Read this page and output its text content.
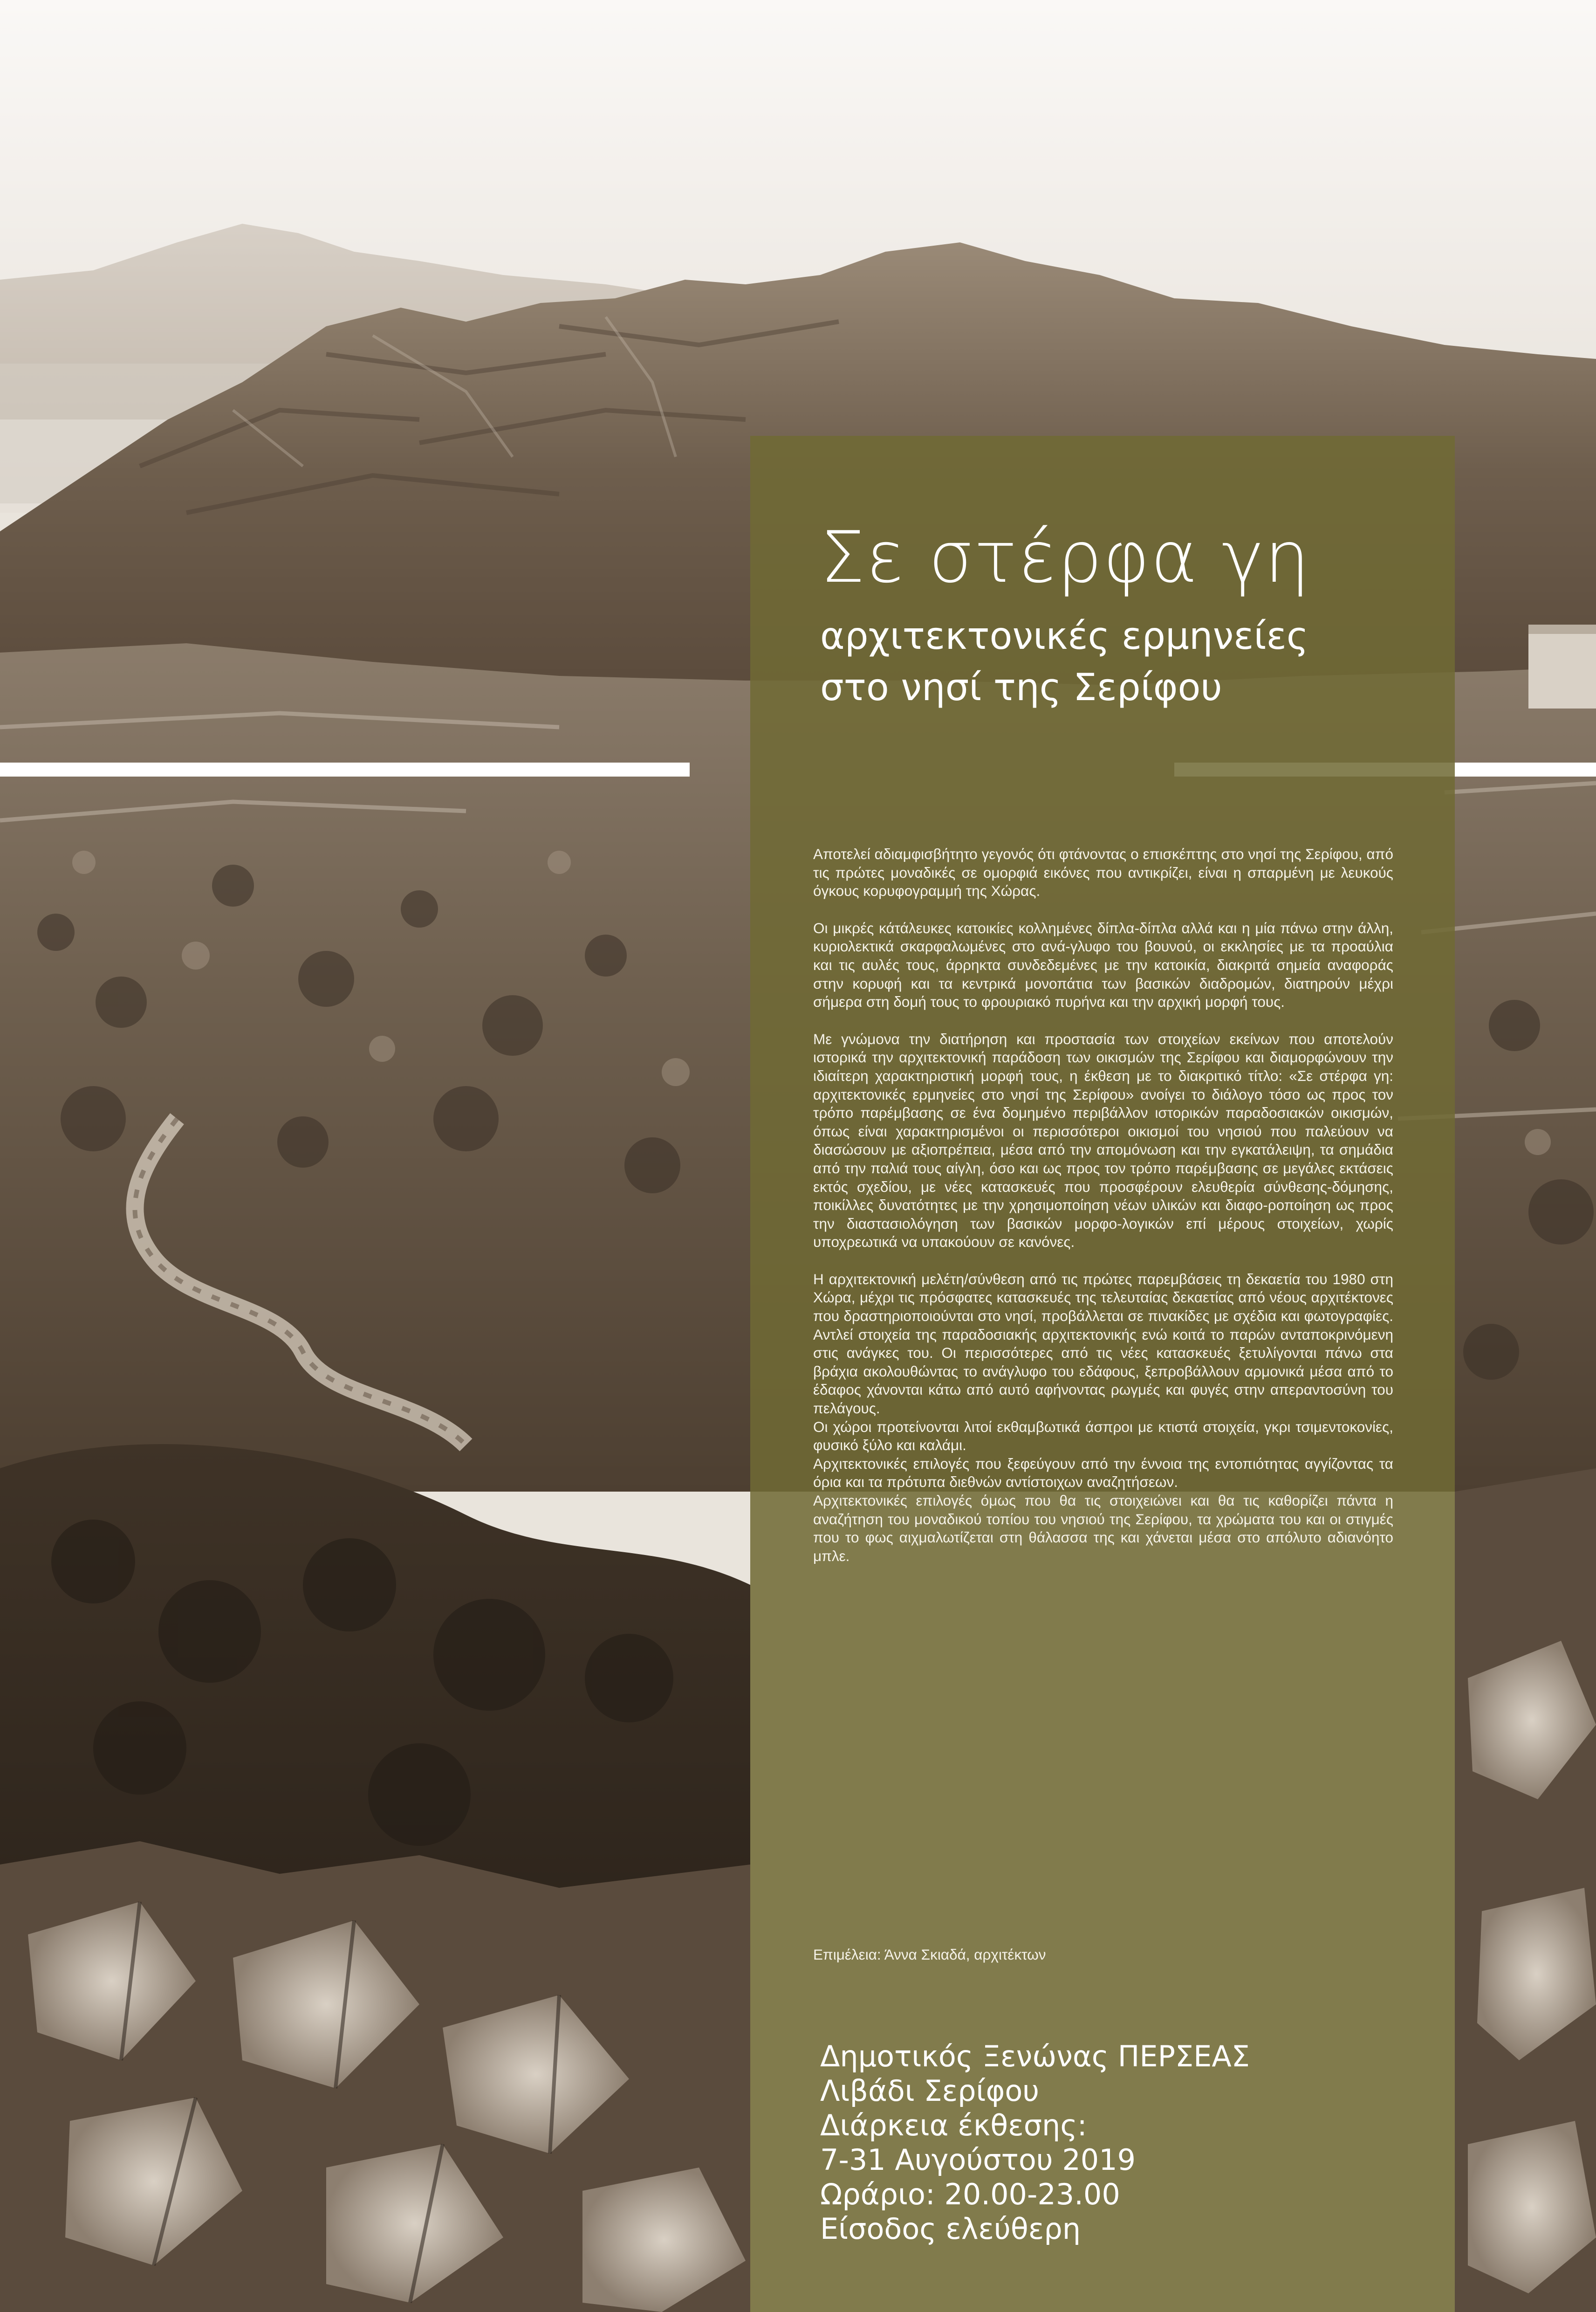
Σε στέρφα γη
αρχιτεκτονικές ερμηνείες
στο νησί της Σερίφου

Αποτελεί αδιαμφισβήτητο γεγονός ότι φτάνοντας ο επισκέπτης στο νησί της Σερίφου, από τις πρώτες μοναδικές σε ομορφιά εικόνες που αντικρίζει, είναι η σπαρμένη με λευκούς όγκους κορυφογραμμή της Χώρας.

Οι μικρές κάτάλευκες κατοικίες κολλημένες δίπλα-δίπλα αλλά και η μία πάνω στην άλλη, κυριολεκτικά σκαρφαλωμένες στο ανά-γλυφο του βουνού, οι εκκλησίες με τα προαύλια και τις αυλές τους, άρρηκτα συνδεδεμένες με την κατοικία, διακριτά σημεία αναφοράς στην κορυφή και τα κεντρικά μονοπάτια των βασικών διαδρομών, διατηρούν μέχρι σήμερα στη δομή τους το φρουριακό πυρήνα και την αρχική μορφή τους.

Με γνώμονα την διατήρηση και προστασία των στοιχείων εκείνων που αποτελούν ιστορικά την αρχιτεκτονική παράδοση των οικισμών της Σερίφου και διαμορφώνουν την ιδιαίτερη χαρακτηριστική μορφή τους, η έκθεση με το διακριτικό τίτλο: «Σε στέρφα γη: αρχιτεκτονικές ερμηνείες στο νησί της Σερίφου» ανοίγει το διάλογο τόσο ως προς τον τρόπο παρέμβασης σε ένα δομημένο περιβάλλον ιστορικών παραδοσιακών οικισμών, όπως είναι χαρακτηρισμένοι οι περισσότεροι οικισμοί του νησιού που παλεύουν να διασώσουν με αξιοπρέπεια, μέσα από την απομόνωση και την εγκατάλειψη, τα σημάδια από την παλιά τους αίγλη, όσο και ως προς τον τρόπο παρέμβασης σε μεγάλες εκτάσεις εκτός σχεδίου, με νέες κατασκευές που προσφέρουν ελευθερία σύνθεσης-δόμησης, ποικίλλες δυνατότητες με την χρησιμοποίηση νέων υλικών και διαφο-ροποίηση ως προς την διαστασιολόγηση των βασικών μορφο-λογικών επί μέρους στοιχείων, χωρίς υποχρεωτικά να υπακούουν σε κανόνες.

Η αρχιτεκτονική μελέτη/σύνθεση από τις πρώτες παρεμβάσεις τη δεκαετία του 1980 στη Χώρα, μέχρι τις πρόσφατες κατασκευές της τελευταίας δεκαετίας από νέους αρχιτέκτονες που δραστηριοποιούνται στο νησί, προβάλλεται σε πινακίδες με σχέδια και φωτογραφίες. Αντλεί στοιχεία της παραδοσιακής αρχιτεκτονικής ενώ κοιτά το παρών ανταποκρινόμενη στις ανάγκες του. Οι περισσότερες από τις νέες κατασκευές ξετυλίγονται πάνω στα βράχια ακολουθώντας το ανάγλυφο του εδάφους, ξεπροβάλλουν αρμονικά μέσα από το έδαφος χάνονται κάτω από αυτό αφήνοντας ρωγμές και φυγές στην απεραντοσύνη του πελάγους.

Οι χώροι προτείνονται λιτοί εκθαμβωτικά άσπροι με κτιστά στοιχεία, γκρι τσιμεντοκονίες, φυσικό ξύλο και καλάμι.

Αρχιτεκτονικές επιλογές που ξεφεύγουν από την έννοια της εντοπιότητας αγγίζοντας τα όρια και τα πρότυπα διεθνών αντίστοιχων αναζητήσεων.

Αρχιτεκτονικές επιλογές όμως που θα τις στοιχειώνει και θα τις καθορίζει πάντα η αναζήτηση του μοναδικού τοπίου του νησιού της Σερίφου, τα χρώματα του και οι στιγμές που το φως αιχμαλωτίζεται στη θάλασσα της και χάνεται μέσα στο απόλυτο αδιανόητο μπλε.

Επιμέλεια: Άννα Σκιαδά, αρχιτέκτων
Δημοτικός Ξενώνας ΠΕΡΣΕΑΣ
Λιβάδι Σερίφου
Διάρκεια έκθεσης:
7-31 Αυγούστου 2019
Ωράριο: 20.00-23.00
Είσοδος ελεύθερη
